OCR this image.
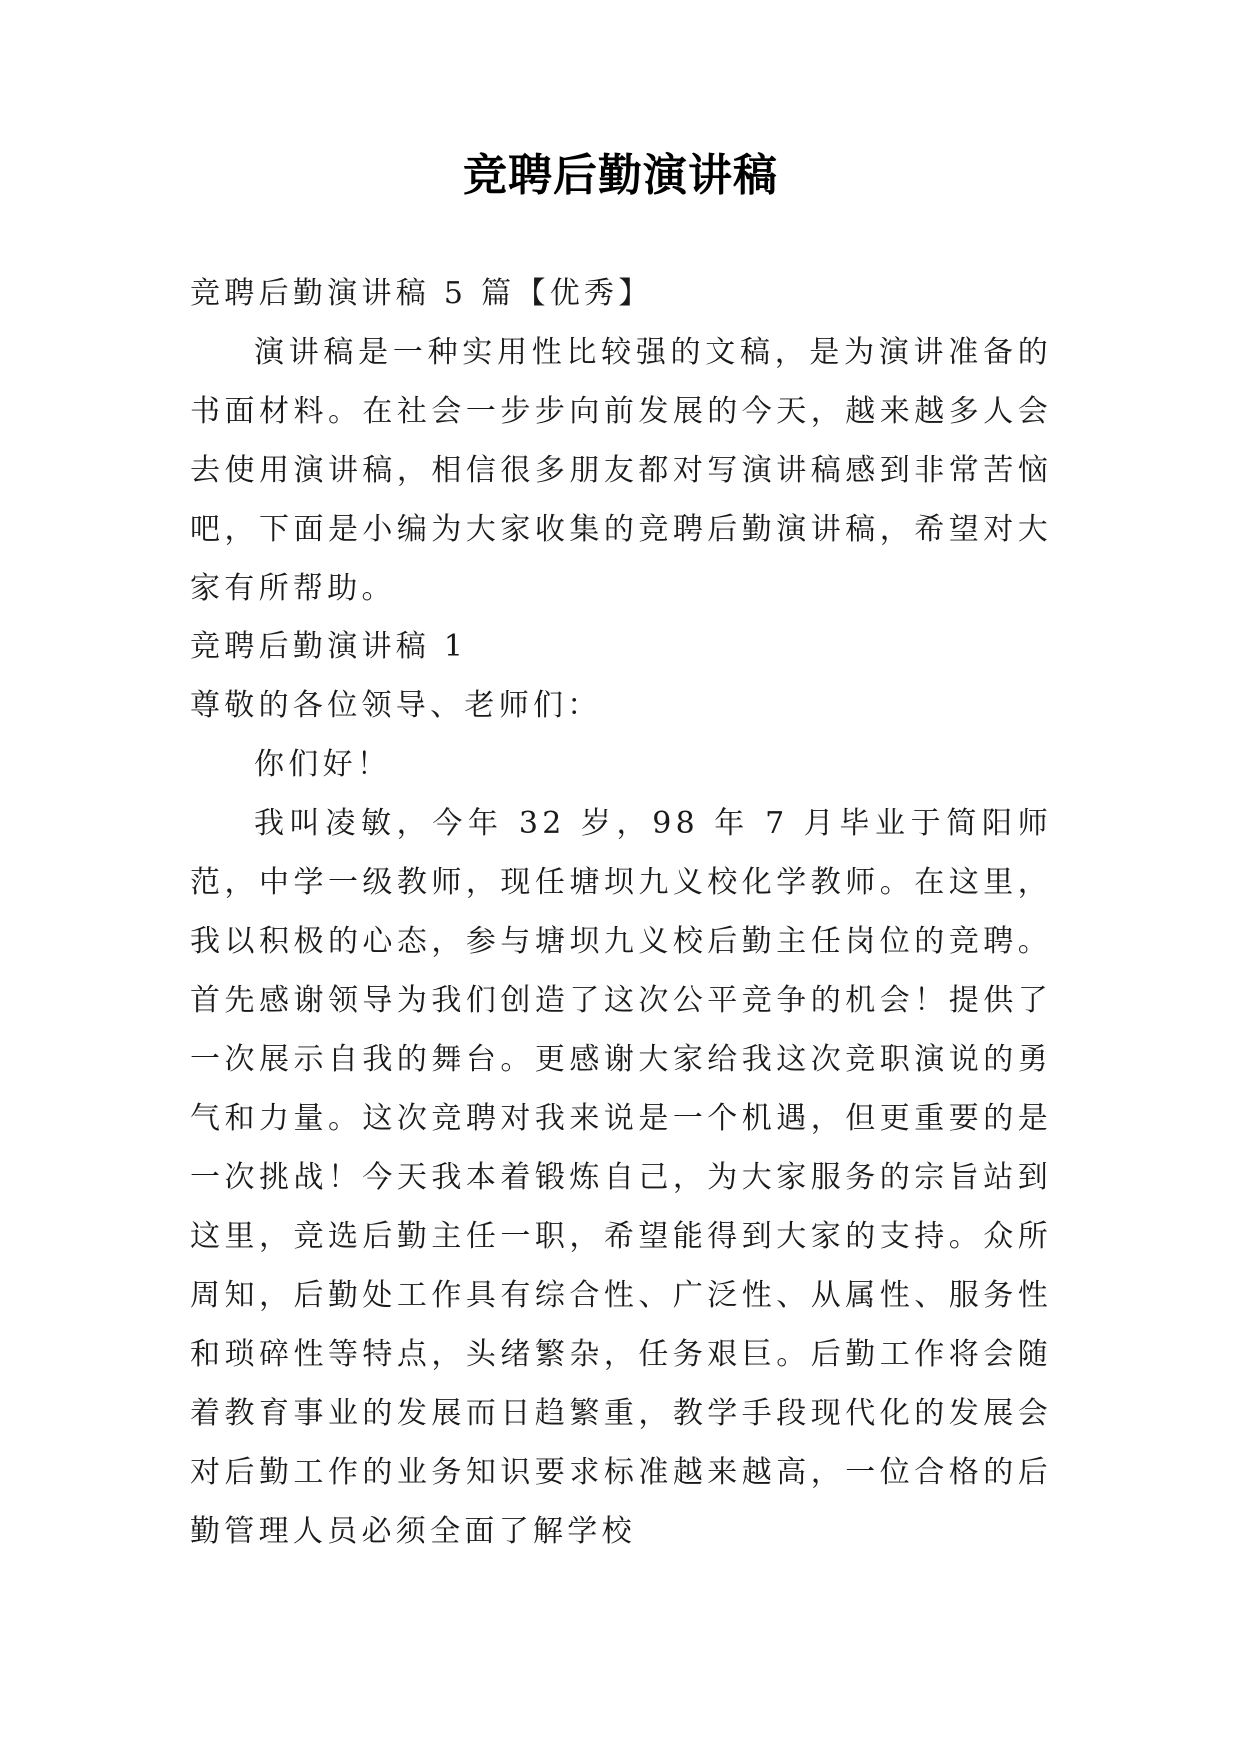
竞聘后勤演讲稿
竞聘后勤演讲稿 5 篇【优秀】
演讲稿是一种实用性比较强的文稿，是为演讲准备的书面材料。在社会一步步向前发展的今天，越来越多人会去使用演讲稿，相信很多朋友都对写演讲稿感到非常苦恼吧，下面是小编为大家收集的竞聘后勤演讲稿，希望对大家有所帮助。
竞聘后勤演讲稿 1
尊敬的各位领导、老师们：
你们好！
我叫凌敏，今年 32 岁，98 年 7 月毕业于简阳师范，中学一级教师，现任塘坝九义校化学教师。在这里，我以积极的心态，参与塘坝九义校后勤主任岗位的竞聘。首先感谢领导为我们创造了这次公平竞争的机会！提供了一次展示自我的舞台。更感谢大家给我这次竞职演说的勇气和力量。这次竞聘对我来说是一个机遇，但更重要的是一次挑战！今天我本着锻炼自己，为大家服务的宗旨站到这里，竞选后勤主任一职，希望能得到大家的支持。众所周知，后勤处工作具有综合性、广泛性、从属性、服务性和琐碎性等特点，头绪繁杂，任务艰巨。后勤工作将会随着教育事业的发展而日趋繁重，教学手段现代化的发展会对后勤工作的业务知识要求标准越来越高，一位合格的后勤管理人员必须全面了解学校
